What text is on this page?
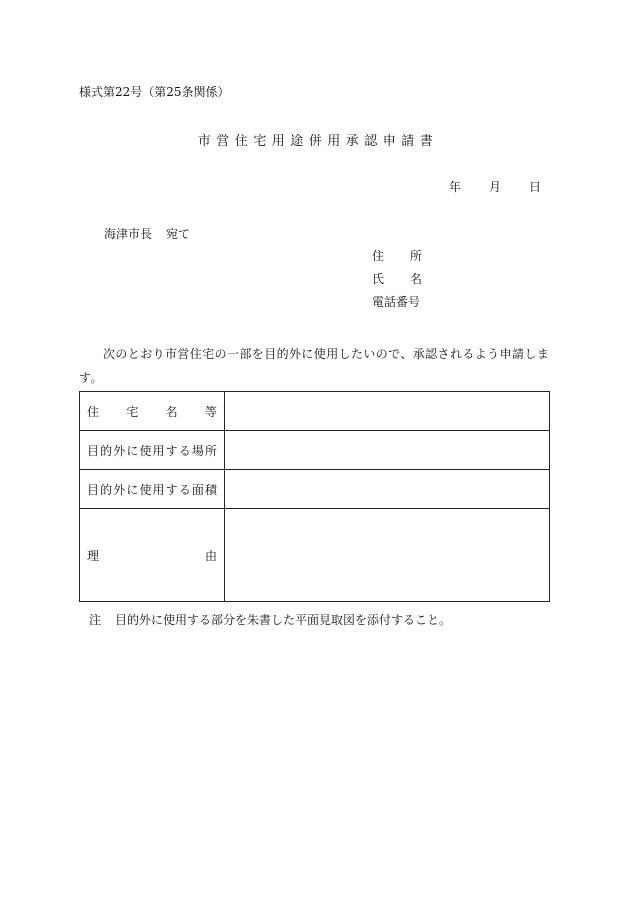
様式第22号（第25条関係）
市営住宅用途併用承認申請書
年 月 日
海津市長 宛て
住所
氏名
電話番号
次のとおり市営住宅の一部を目的外に使用したいので、承認されるよう申請します。
住宅名等	

目的外に使用する場所	

目的外に使用する面積	

理由	

注 目的外に使用する部分を朱書した平面見取図を添付すること。
